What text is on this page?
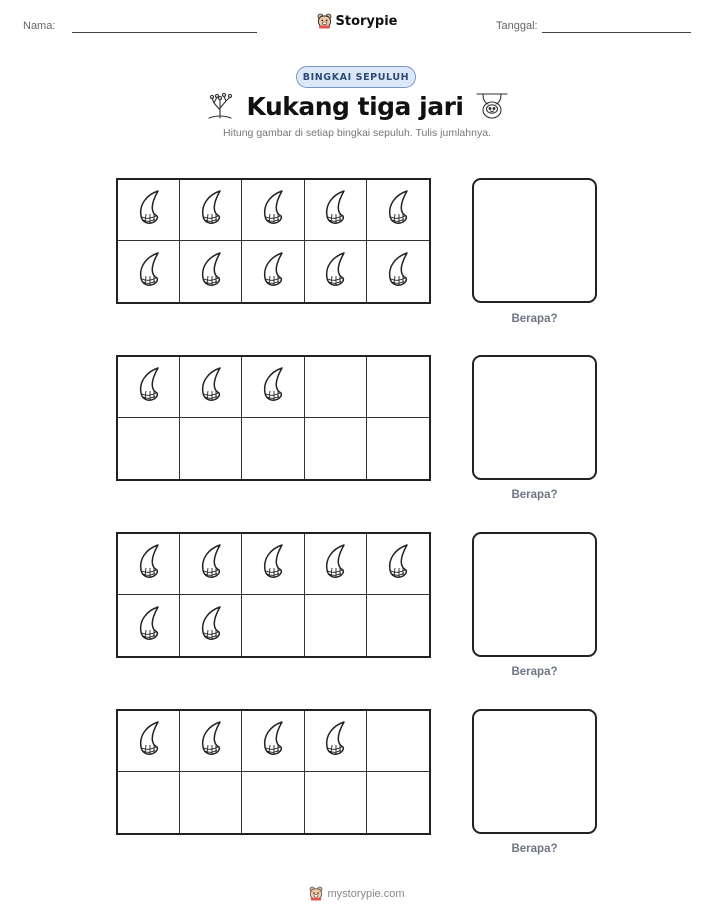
Nama:	Storypie	Tanggal:
BINGKAI SEPULUH
Kukang tiga jari
Hitung gambar di setiap bingkai sepuluh. Tulis jumlahnya.
Berapa?
Berapa?
Berapa?
Berapa?
mystorypie.com
